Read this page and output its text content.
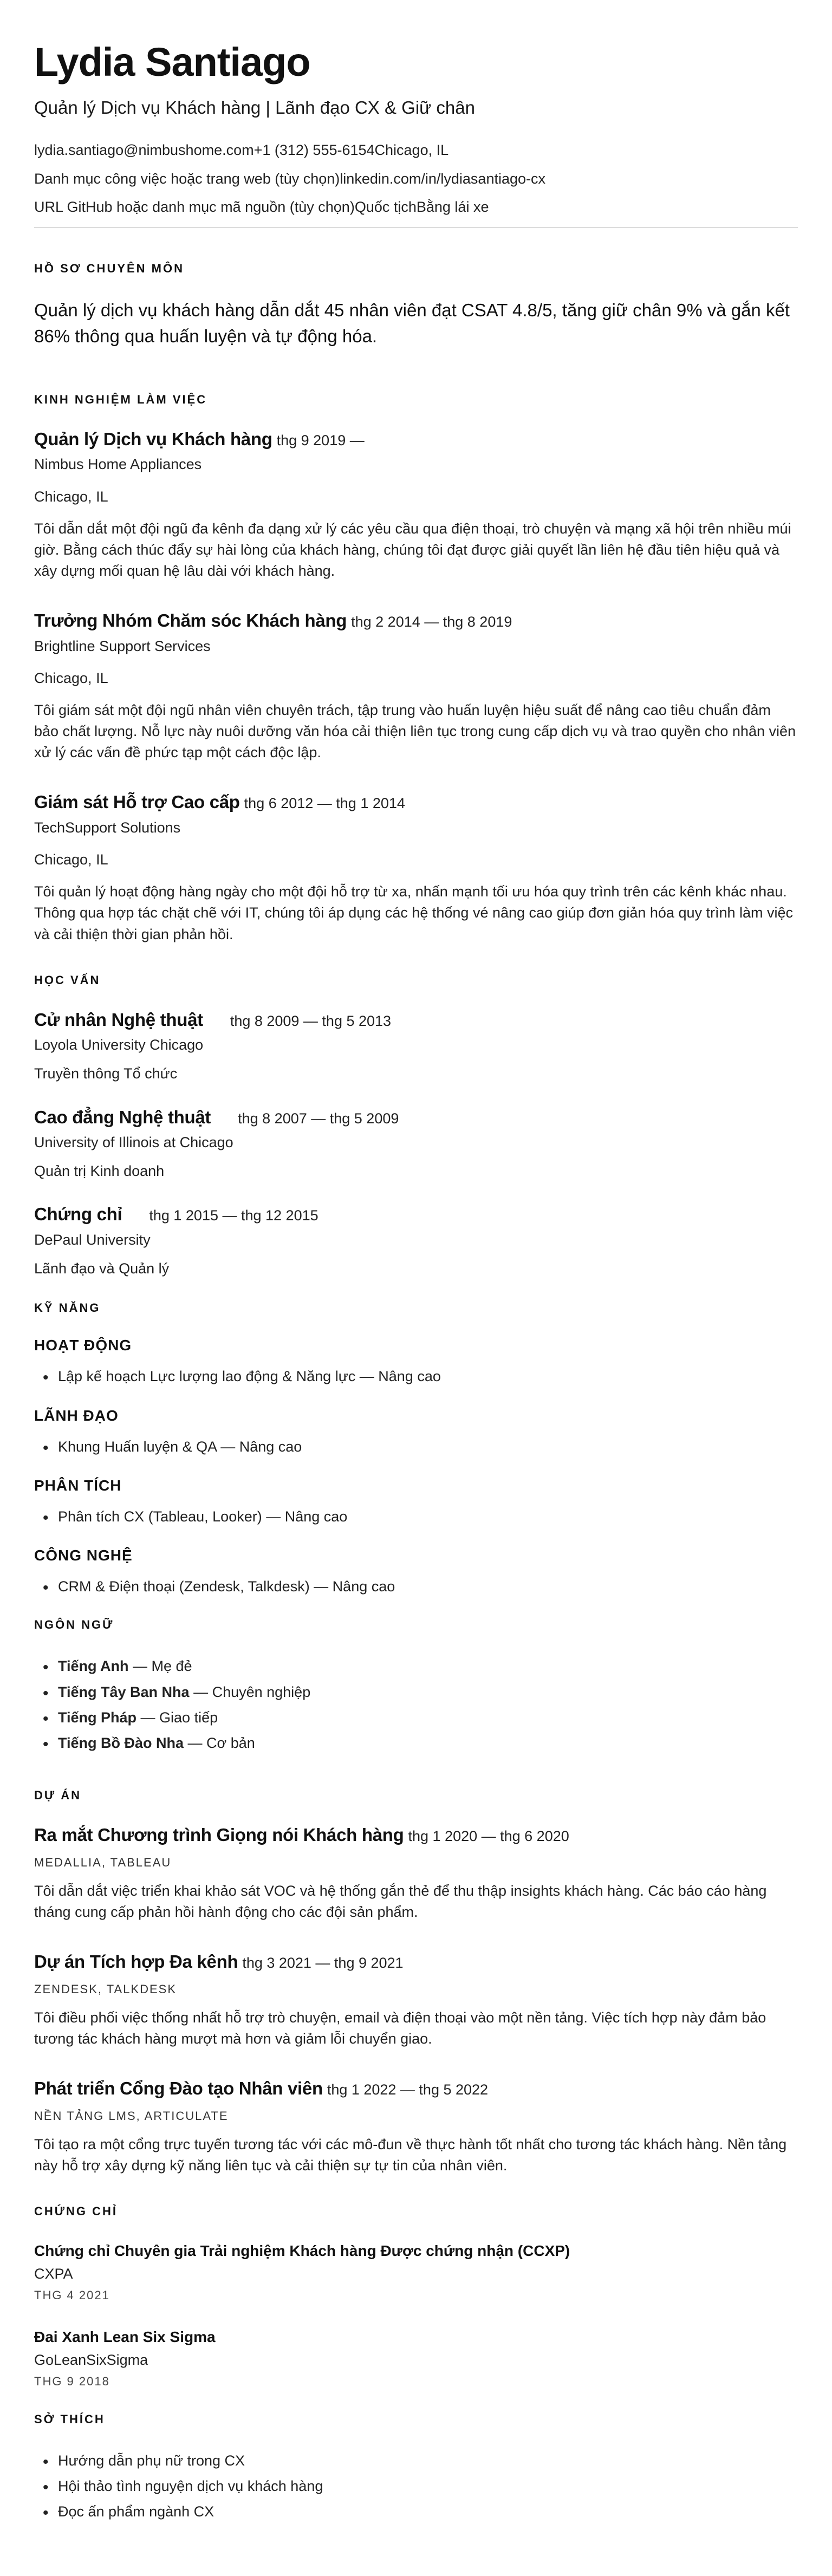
Lydia Santiago
Quản lý Dịch vụ Khách hàng | Lãnh đạo CX & Giữ chân
lydia.santiago@nimbushome.com+1 (312) 555-6154Chicago, IL
Danh mục công việc hoặc trang web (tùy chọn)linkedin.com/in/lydiasantiago-cx
URL GitHub hoặc danh mục mã nguồn (tùy chọn)Quốc tịchBằng lái xe
HỒ SƠ CHUYÊN MÔN

Quản lý dịch vụ khách hàng dẫn dắt 45 nhân viên đạt CSAT 4.8/5, tăng giữ chân 9% và gắn kết 86% thông qua huấn luyện và tự động hóa.

KINH NGHIỆM LÀM VIỆC
Quản lý Dịch vụ Khách hàng thg 9 2019 —
Nimbus Home Appliances
Chicago, IL

Tôi dẫn dắt một đội ngũ đa kênh đa dạng xử lý các yêu cầu qua điện thoại, trò chuyện và mạng xã hội trên nhiều múi giờ. Bằng cách thúc đẩy sự hài lòng của khách hàng, chúng tôi đạt được giải quyết lần liên hệ đầu tiên hiệu quả và xây dựng mối quan hệ lâu dài với khách hàng.

Trưởng Nhóm Chăm sóc Khách hàng thg 2 2014 — thg 8 2019
Brightline Support Services
Chicago, IL

Tôi giám sát một đội ngũ nhân viên chuyên trách, tập trung vào huấn luyện hiệu suất để nâng cao tiêu chuẩn đảm bảo chất lượng. Nỗ lực này nuôi dưỡng văn hóa cải thiện liên tục trong cung cấp dịch vụ và trao quyền cho nhân viên xử lý các vấn đề phức tạp một cách độc lập.

Giám sát Hỗ trợ Cao cấp thg 6 2012 — thg 1 2014
TechSupport Solutions
Chicago, IL

Tôi quản lý hoạt động hàng ngày cho một đội hỗ trợ từ xa, nhấn mạnh tối ưu hóa quy trình trên các kênh khác nhau. Thông qua hợp tác chặt chẽ với IT, chúng tôi áp dụng các hệ thống vé nâng cao giúp đơn giản hóa quy trình làm việc và cải thiện thời gian phản hồi.

HỌC VẤN
Cử nhân Nghệ thuật thg 8 2009 — thg 5 2013
Loyola University Chicago
Truyền thông Tổ chức
Cao đẳng Nghệ thuật thg 8 2007 — thg 5 2009
University of Illinois at Chicago
Quản trị Kinh doanh
Chứng chỉ thg 1 2015 — thg 12 2015
DePaul University
Lãnh đạo và Quản lý
KỸ NĂNG
HOẠT ĐỘNG
• Lập kế hoạch Lực lượng lao động & Năng lực — Nâng cao
LÃNH ĐẠO
• Khung Huấn luyện & QA — Nâng cao
PHÂN TÍCH
• Phân tích CX (Tableau, Looker) — Nâng cao
CÔNG NGHỆ
• CRM & Điện thoại (Zendesk, Talkdesk) — Nâng cao
NGÔN NGỮ
• Tiếng Anh — Mẹ đẻ
• Tiếng Tây Ban Nha — Chuyên nghiệp
• Tiếng Pháp — Giao tiếp
• Tiếng Bồ Đào Nha — Cơ bản
DỰ ÁN
Ra mắt Chương trình Giọng nói Khách hàng thg 1 2020 — thg 6 2020
MEDALLIA, TABLEAU

Tôi dẫn dắt việc triển khai khảo sát VOC và hệ thống gắn thẻ để thu thập insights khách hàng. Các báo cáo hàng tháng cung cấp phản hồi hành động cho các đội sản phẩm.

Dự án Tích hợp Đa kênh thg 3 2021 — thg 9 2021
ZENDESK, TALKDESK

Tôi điều phối việc thống nhất hỗ trợ trò chuyện, email và điện thoại vào một nền tảng. Việc tích hợp này đảm bảo tương tác khách hàng mượt mà hơn và giảm lỗi chuyển giao.

Phát triển Cổng Đào tạo Nhân viên thg 1 2022 — thg 5 2022
NỀN TẢNG LMS, ARTICULATE

Tôi tạo ra một cổng trực tuyến tương tác với các mô-đun về thực hành tốt nhất cho tương tác khách hàng. Nền tảng này hỗ trợ xây dựng kỹ năng liên tục và cải thiện sự tự tin của nhân viên.

CHỨNG CHỈ
Chứng chỉ Chuyên gia Trải nghiệm Khách hàng Được chứng nhận (CCXP)
CXPA
THG 4 2021
Đai Xanh Lean Six Sigma
GoLeanSixSigma
THG 9 2018
SỞ THÍCH
• Hướng dẫn phụ nữ trong CX
• Hội thảo tình nguyện dịch vụ khách hàng
• Đọc ấn phẩm ngành CX
